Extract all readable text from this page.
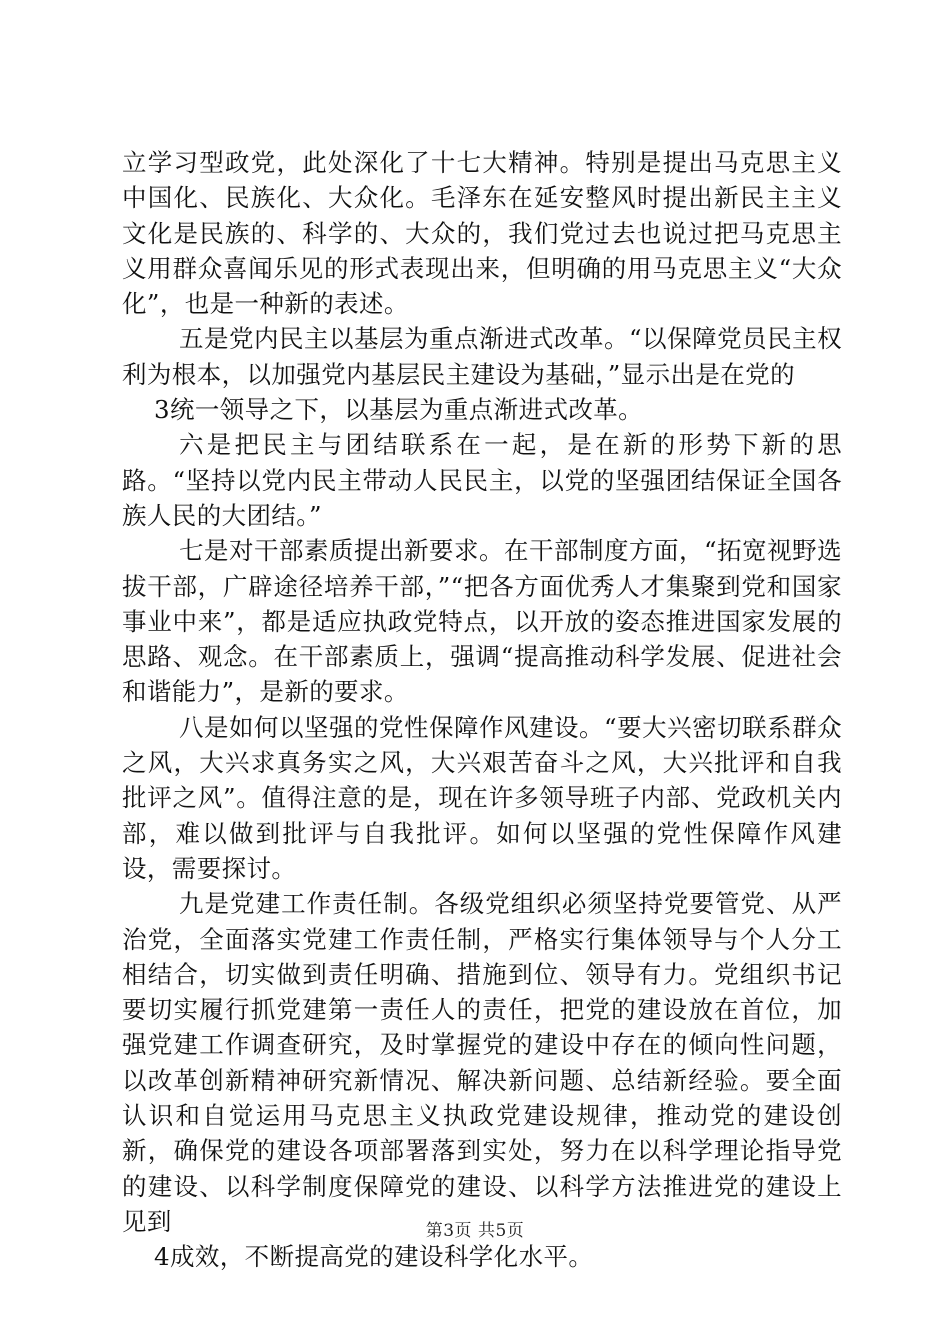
立学习型政党，此处深化了十七大精神。特别是提出马克思主义中国化、民族化、大众化。毛泽东在延安整风时提出新民主主义文化是民族的、科学的、大众的，我们党过去也说过把马克思主义用群众喜闻乐见的形式表现出来，但明确的用马克思主义“大众化”，也是一种新的表述。

五是党内民主以基层为重点渐进式改革。“以保障党员民主权利为根本，以加强党内基层民主建设为基础，”显示出是在党的

3统一领导之下，以基层为重点渐进式改革。

六是把民主与团结联系在一起，是在新的形势下新的思路。“坚持以党内民主带动人民民主，以党的坚强团结保证全国各族人民的大团结。”

七是对干部素质提出新要求。在干部制度方面，“拓宽视野选拔干部，广辟途径培养干部，”“把各方面优秀人才集聚到党和国家事业中来”，都是适应执政党特点，以开放的姿态推进国家发展的思路、观念。在干部素质上，强调“提高推动科学发展、促进社会和谐能力”，是新的要求。

八是如何以坚强的党性保障作风建设。“要大兴密切联系群众之风，大兴求真务实之风，大兴艰苦奋斗之风，大兴批评和自我批评之风”。值得注意的是，现在许多领导班子内部、党政机关内部，难以做到批评与自我批评。如何以坚强的党性保障作风建设，需要探讨。

九是党建工作责任制。各级党组织必须坚持党要管党、从严治党，全面落实党建工作责任制，严格实行集体领导与个人分工相结合，切实做到责任明确、措施到位、领导有力。党组织书记要切实履行抓党建第一责任人的责任，把党的建设放在首位，加强党建工作调查研究，及时掌握党的建设中存在的倾向性问题，以改革创新精神研究新情况、解决新问题、总结新经验。要全面认识和自觉运用马克思主义执政党建设规律，推动党的建设创新，确保党的建设各项部署落到实处，努力在以科学理论指导党的建设、以科学制度保障党的建设、以科学方法推进党的建设上见到

4成效，不断提高党的建设科学化水平。

第3页 共5页
